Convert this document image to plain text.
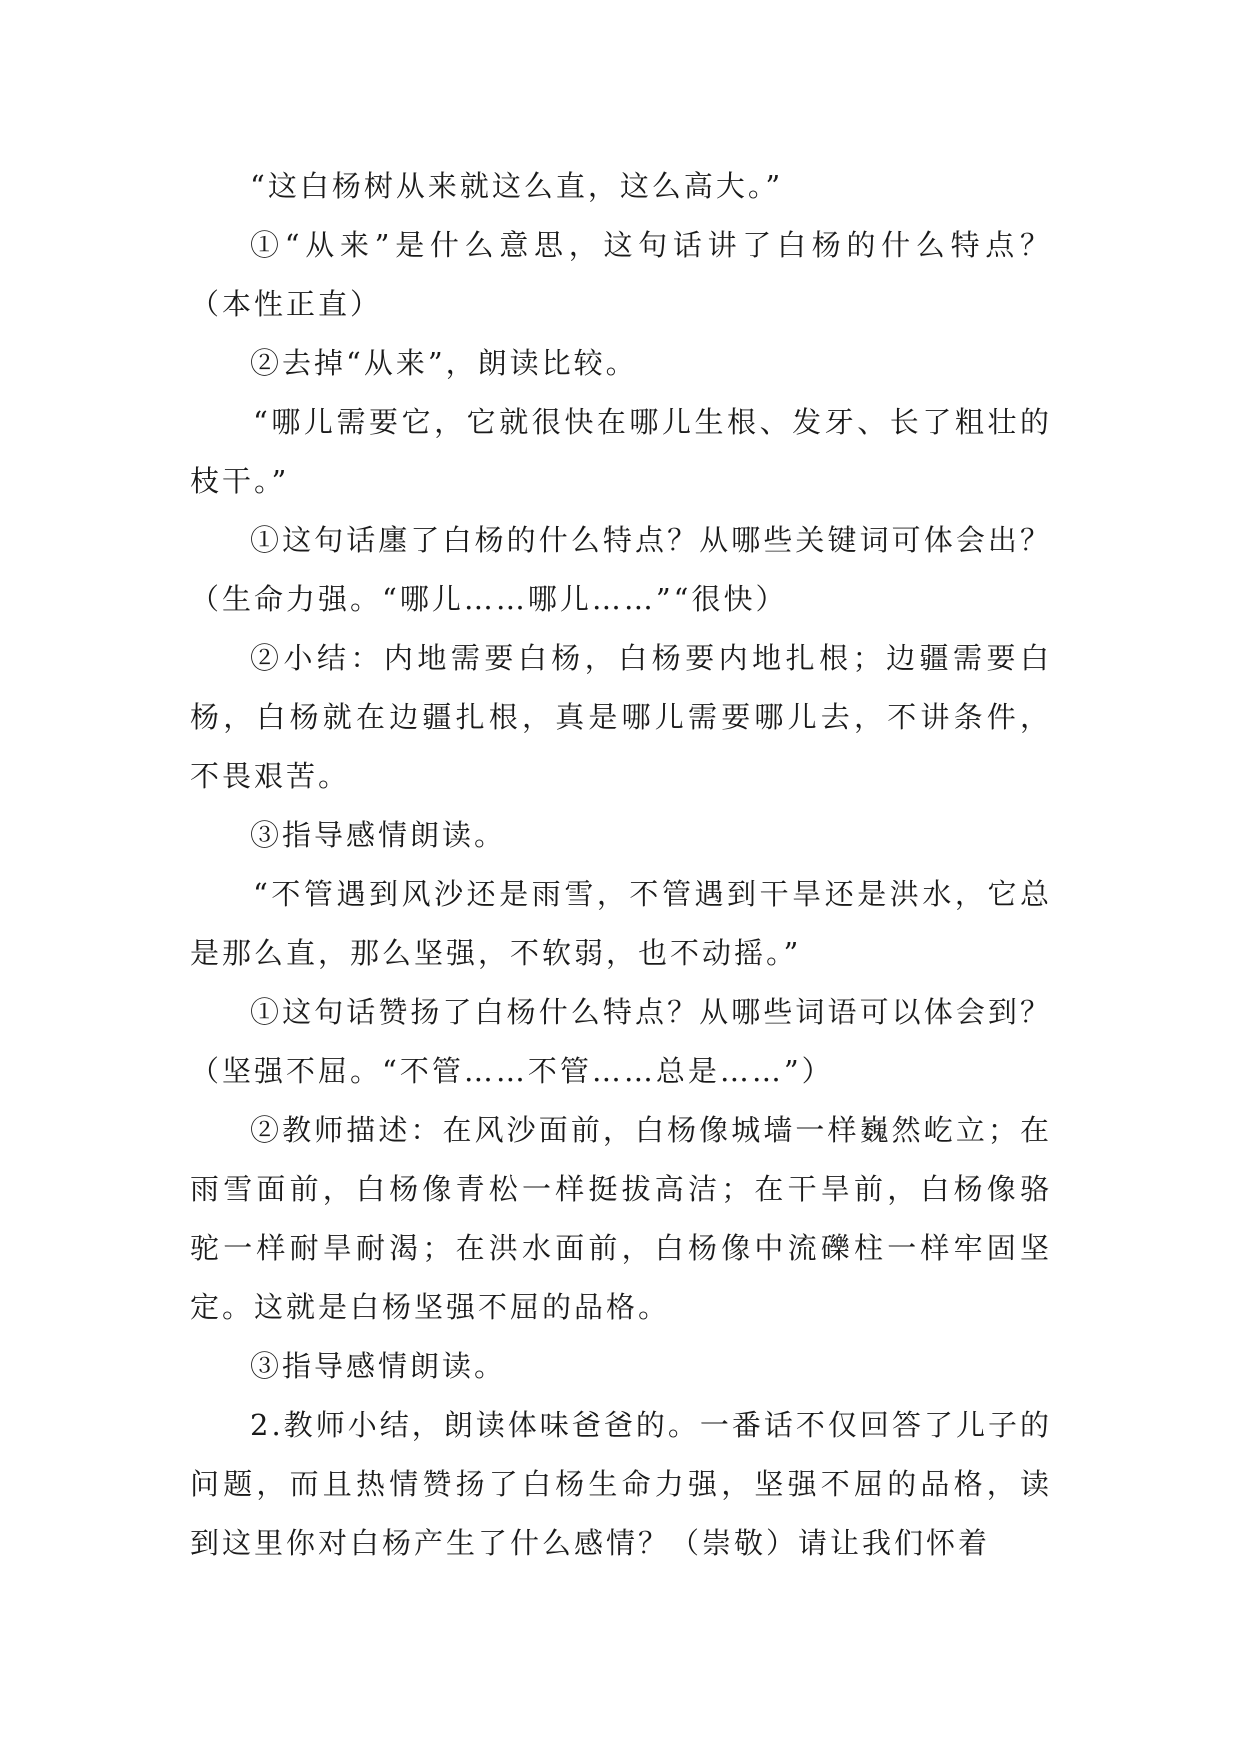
“这白杨树从来就这么直，这么高大。”

①“从来”是什么意思，这句话讲了白杨的什么特点？（本性正直）

②去掉“从来”，朗读比较。

“哪儿需要它，它就很快在哪儿生根、发牙、长了粗壮的枝干。”

①这句话廛了白杨的什么特点？从哪些关键词可体会出？（生命力强。“哪儿……哪儿……”“很快）

②小结：内地需要白杨，白杨要内地扎根；边疆需要白杨，白杨就在边疆扎根，真是哪儿需要哪儿去，不讲条件，不畏艰苦。

③指导感情朗读。

“不管遇到风沙还是雨雪，不管遇到干旱还是洪水，它总是那么直，那么坚强，不软弱，也不动摇。”

①这句话赞扬了白杨什么特点？从哪些词语可以体会到？（坚强不屈。“不管……不管……总是……”）

②教师描述：在风沙面前，白杨像城墙一样巍然屹立；在雨雪面前，白杨像青松一样挺拔高洁；在干旱前，白杨像骆驼一样耐旱耐渴；在洪水面前，白杨像中流礫柱一样牢固坚定。这就是白杨坚强不屈的品格。

③指导感情朗读。

2.教师小结，朗读体味爸爸的。一番话不仅回答了儿子的问题，而且热情赞扬了白杨生命力强，坚强不屈的品格，读到这里你对白杨产生了什么感情？（崇敬）请让我们怀着
